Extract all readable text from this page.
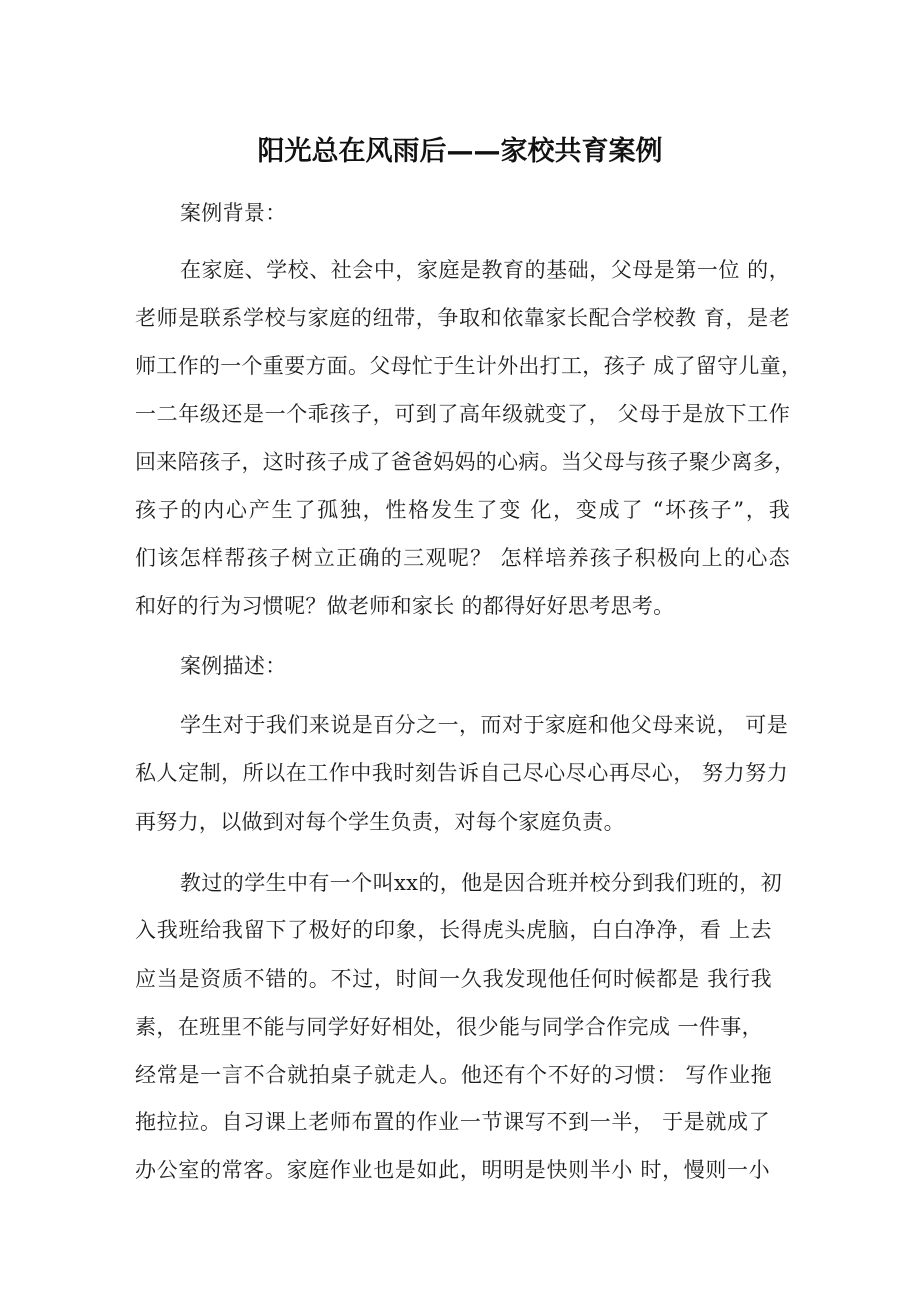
阳光总在风雨后——家校共育案例
案例背景：
在家庭、学校、社会中，家庭是教育的基础，父母是第一位 的，
老师是联系学校与家庭的纽带，争取和依靠家长配合学校教 育，是老
师工作的一个重要方面。父母忙于生计外出打工，孩子 成了留守儿童，
一二年级还是一个乖孩子，可到了高年级就变了， 父母于是放下工作
回来陪孩子，这时孩子成了爸爸妈妈的心病。当父母与孩子聚少离多，
孩子的内心产生了孤独，性格发生了变 化，变成了 “坏孩子”，我
们该怎样帮孩子树立正确的三观呢？ 怎样培养孩子积极向上的心态
和好的行为习惯呢？做老师和家长 的都得好好思考思考。
案例描述：
学生对于我们来说是百分之一，而对于家庭和他父母来说， 可是
私人定制，所以在工作中我时刻告诉自己尽心尽心再尽心， 努力努力
再努力，以做到对每个学生负责，对每个家庭负责。
教过的学生中有一个叫xx的，他是因合班并校分到我们班的，初
入我班给我留下了极好的印象，长得虎头虎脑，白白净净，看 上去
应当是资质不错的。不过，时间一久我发现他任何时候都是 我行我
素，在班里不能与同学好好相处，很少能与同学合作完成 一件事，
经常是一言不合就拍桌子就走人。他还有个不好的习惯： 写作业拖
拖拉拉。自习课上老师布置的作业一节课写不到一半， 于是就成了
办公室的常客。家庭作业也是如此，明明是快则半小 时，慢则一小
